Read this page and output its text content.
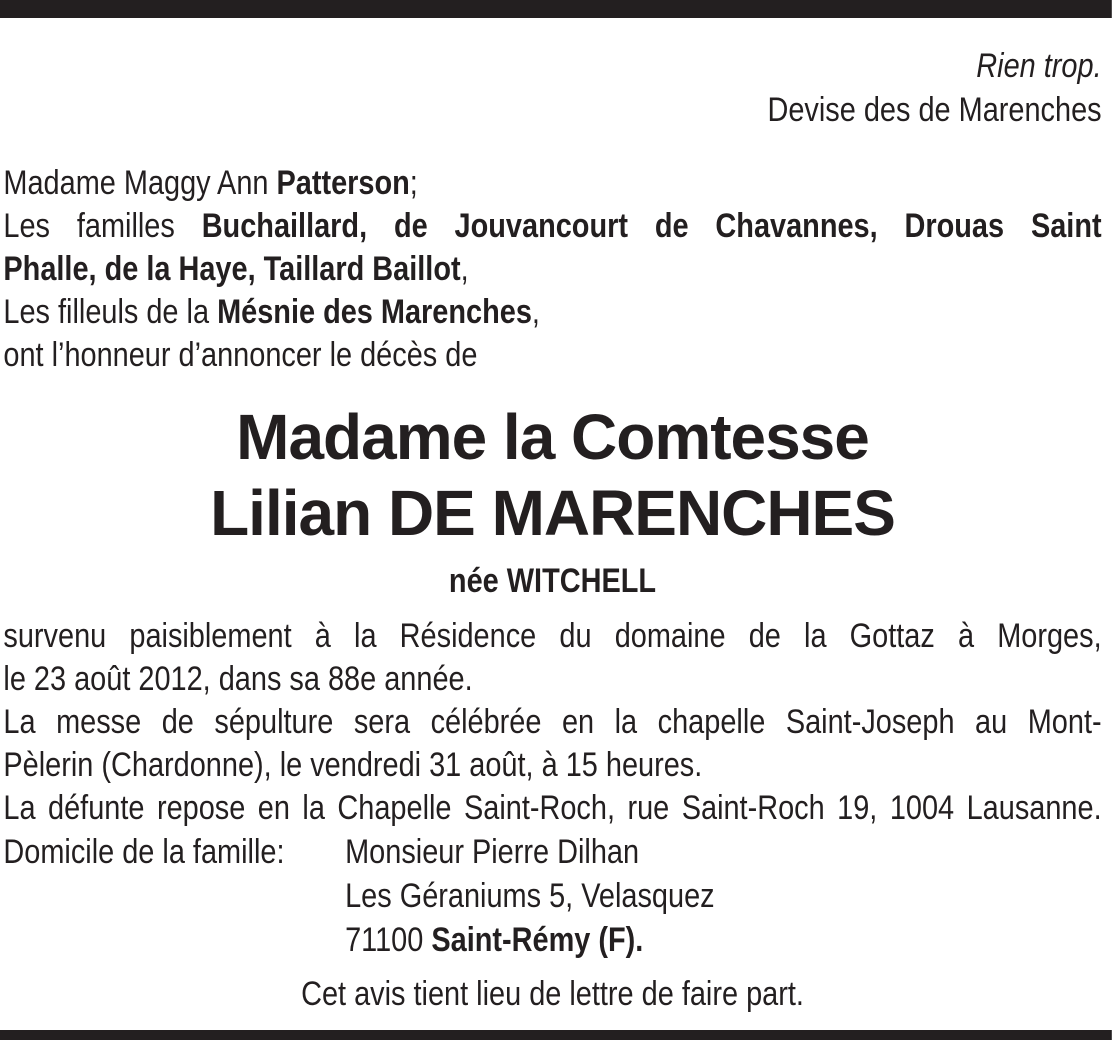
Rien trop.
Devise des de Marenches
Madame Maggy Ann Patterson;
Les familles Buchaillard, de Jouvancourt de Chavannes, Drouas Saint
Phalle, de la Haye, Taillard Baillot,
Les filleuls de la Mésnie des Marenches,
ont l’honneur d’annoncer le décès de
Madame la Comtesse
Lilian DE MARENCHES
née WITCHELL
survenu paisiblement à la Résidence du domaine de la Gottaz à Morges,
le 23 août 2012, dans sa 88e année.
La messe de sépulture sera célébrée en la chapelle Saint-Joseph au Mont-
Pèlerin (Chardonne), le vendredi 31 août, à 15 heures.
La défunte repose en la Chapelle Saint-Roch, rue Saint-Roch 19, 1004 Lausanne.
Domicile de la famille: Monsieur Pierre Dilhan
Les Géraniums 5, Velasquez
71100 Saint-Rémy (F).
Cet avis tient lieu de lettre de faire part.
